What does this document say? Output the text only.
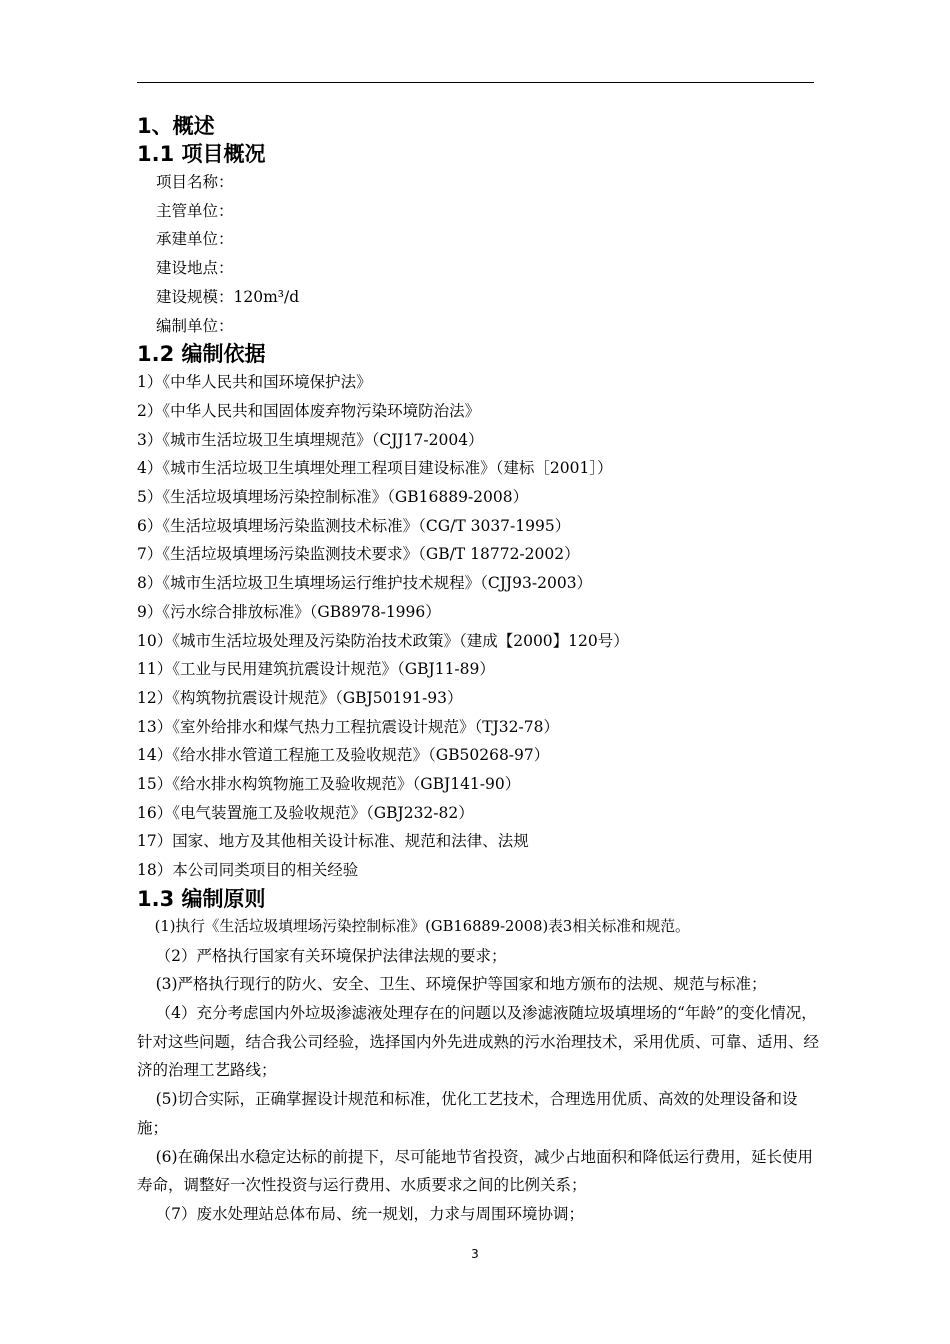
1、概述
1.1 项目概况
项目名称：
主管单位：
承建单位：
建设地点：
建设规模：120m³/d
编制单位：
1.2 编制依据
1）《中华人民共和国环境保护法》
2）《中华人民共和国固体废弃物污染环境防治法》
3）《城市生活垃圾卫生填埋规范》（CJJ17-2004）
4）《城市生活垃圾卫生填埋处理工程项目建设标准》（建标［2001］）
5）《生活垃圾填埋场污染控制标准》（GB16889-2008）
6）《生活垃圾填埋场污染监测技术标准》（CG/T 3037-1995）
7）《生活垃圾填埋场污染监测技术要求》（GB/T 18772-2002）
8）《城市生活垃圾卫生填埋场运行维护技术规程》（CJJ93-2003）
9）《污水综合排放标准》（GB8978-1996）
10）《城市生活垃圾处理及污染防治技术政策》（建成【2000】120号）
11）《工业与民用建筑抗震设计规范》（GBJ11-89）
12）《构筑物抗震设计规范》（GBJ50191-93）
13）《室外给排水和煤气热力工程抗震设计规范》（TJ32-78）
14）《给水排水管道工程施工及验收规范》（GB50268-97）
15）《给水排水构筑物施工及验收规范》（GBJ141-90）
16）《电气装置施工及验收规范》（GBJ232-82）
17）国家、地方及其他相关设计标准、规范和法律、法规
18）本公司同类项目的相关经验
1.3 编制原则

(1)执行《生活垃圾填埋场污染控制标准》(GB16889-2008)表3相关标准和规范。

（2）严格执行国家有关环境保护法律法规的要求；

(3)严格执行现行的防火、安全、卫生、环境保护等国家和地方颁布的法规、规范与标准；

（4）充分考虑国内外垃圾渗滤液处理存在的问题以及渗滤液随垃圾填埋场的“年龄”的变化情况，针对这些问题，结合我公司经验，选择国内外先进成熟的污水治理技术，采用优质、可靠、适用、经济的治理工艺路线；

(5)切合实际，正确掌握设计规范和标准，优化工艺技术，合理选用优质、高效的处理设备和设施；

(6)在确保出水稳定达标的前提下，尽可能地节省投资，减少占地面积和降低运行费用，延长使用寿命，调整好一次性投资与运行费用、水质要求之间的比例关系；

（7）废水处理站总体布局、统一规划，力求与周围环境协调；

3
